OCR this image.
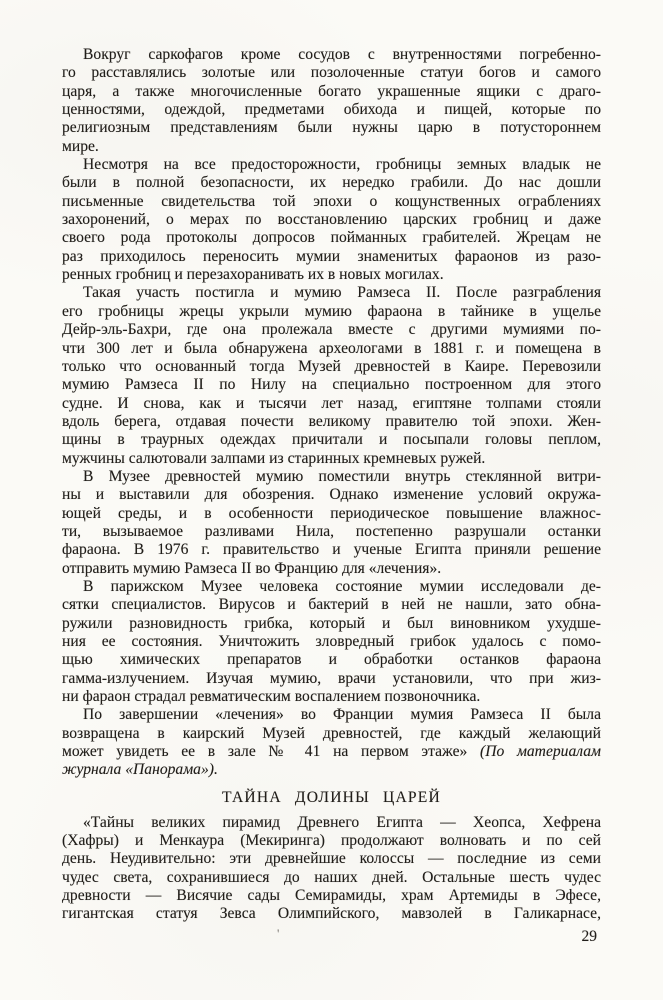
Вокруг саркофагов кроме сосудов с внутренностями погребенно-
го расставлялись золотые или позолоченные статуи богов и самого
царя, а также многочисленные богато украшенные ящики с драго-
ценностями, одеждой, предметами обихода и пищей, которые по
религиозным представлениям были нужны царю в потустороннем
мире.
Несмотря на все предосторожности, гробницы земных владык не
были в полной безопасности, их нередко грабили. До нас дошли
письменные свидетельства той эпохи о кощунственных ограблениях
захоронений, о мерах по восстановлению царских гробниц и даже
своего рода протоколы допросов пойманных грабителей. Жрецам не
раз приходилось переносить мумии знаменитых фараонов из разо-
ренных гробниц и перезахоранивать их в новых могилах.
Такая участь постигла и мумию Рамзеса II. После разграбления
его гробницы жрецы укрыли мумию фараона в тайнике в ущелье
Дейр-эль-Бахри, где она пролежала вместе с другими мумиями по-
чти 300 лет и была обнаружена археологами в 1881 г. и помещена в
только что основанный тогда Музей древностей в Каире. Перевозили
мумию Рамзеса II по Нилу на специально построенном для этого
судне. И снова, как и тысячи лет назад, египтяне толпами стояли
вдоль берега, отдавая почести великому правителю той эпохи. Жен-
щины в траурных одеждах причитали и посыпали головы пеплом,
мужчины салютовали залпами из старинных кремневых ружей.
В Музее древностей мумию поместили внутрь стеклянной витри-
ны и выставили для обозрения. Однако изменение условий окружа-
ющей среды, и в особенности периодическое повышение влажнос-
ти, вызываемое разливами Нила, постепенно разрушали останки
фараона. В 1976 г. правительство и ученые Египта приняли решение
отправить мумию Рамзеса II во Францию для «лечения».
В парижском Музее человека состояние мумии исследовали де-
сятки специалистов. Вирусов и бактерий в ней не нашли, зато обна-
ружили разновидность грибка, который и был виновником ухудше-
ния ее состояния. Уничтожить зловредный грибок удалось с помо-
щью химических препаратов и обработки останков фараона
гамма-излучением. Изучая мумию, врачи установили, что при жиз-
ни фараон страдал ревматическим воспалением позвоночника.
По завершении «лечения» во Франции мумия Рамзеса II была
возвращена в каирский Музей древностей, где каждый желающий
может увидеть ее в зале № 41 на первом этаже» (По материалам
журнала «Панорама»).
ТАЙНА ДОЛИНЫ ЦАРЕЙ
«Тайны великих пирамид Древнего Египта — Хеопса, Хефрена
(Хафры) и Менкаура (Мекиринга) продолжают волновать и по сей
день. Неудивительно: эти древнейшие колоссы — последние из семи
чудес света, сохранившиеся до наших дней. Остальные шесть чудес
древности — Висячие сады Семирамиды, храм Артемиды в Эфесе,
гигантская статуя Зевса Олимпийского, мавзолей в Галикарнасе,
29
'
